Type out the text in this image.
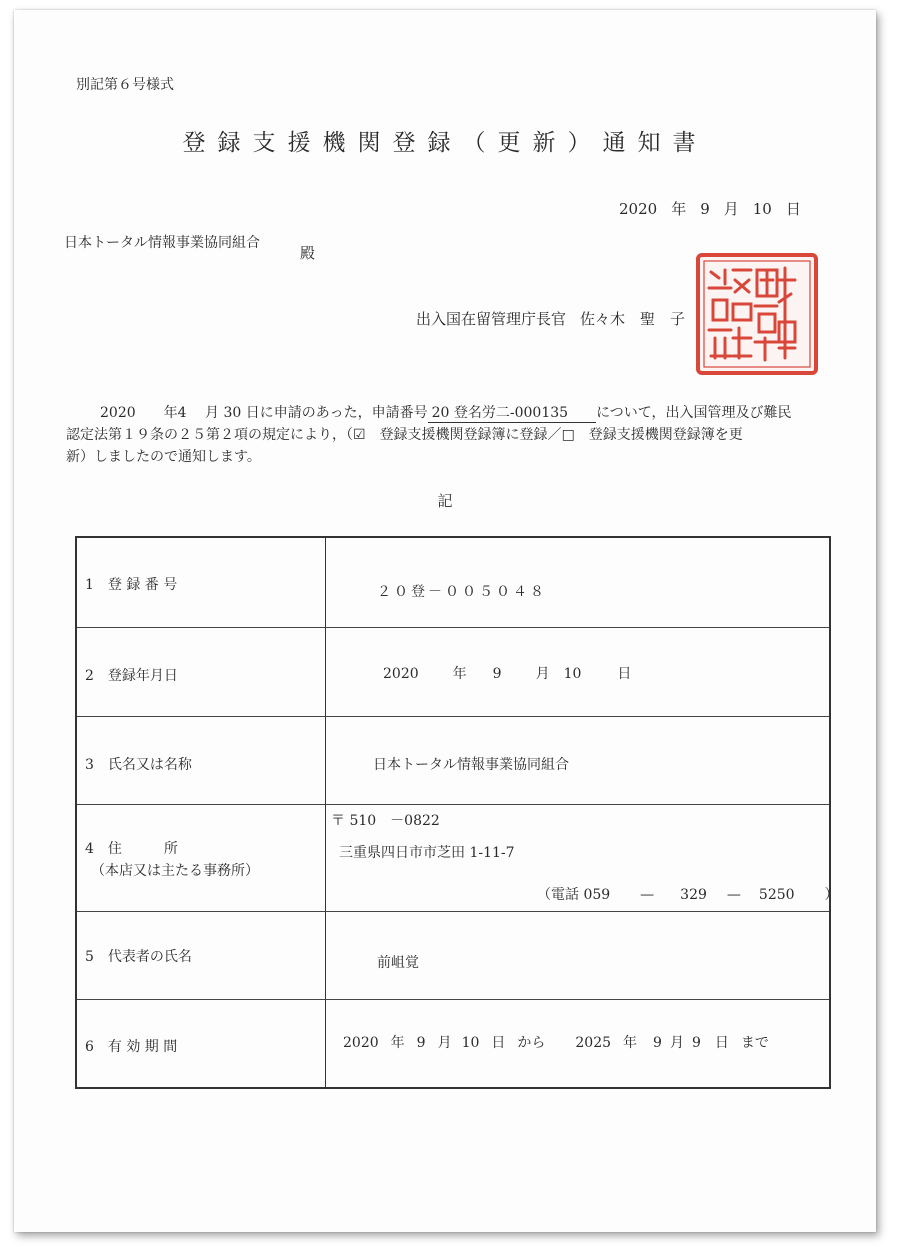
別記第６号様式
登録支援機関登録（更新）通知書
2020 年 9 月 10 日
日本トータル情報事業協同組合
殿
出入国在留管理庁長官 佐々木　聖　子
2020　　 年4　 月 30 日に申請のあった，申請番号 20 登名労二-000135 について，出入国管理及び難民
認定法第１９条の２５第２項の規定により，（☑　 登録支援機関登録簿に登録／□　 登録支援機関登録簿を更
新）しましたので通知します。
記
1　登 録 番 号	２０登－００５０４８
2　登録年月日	2020 年 9 月 10	日
3　氏名又は名称	日本トータル情報事業協同組合
4　住　　　所
（本店又は主たる事務所）
〒 510　－0822
三重県四日市市芝田 1-11-7
（電話 059 — 329 — 5250 ）
5　代表者の氏名	前岨覚
6　有 効 期 間	2020 年 9 月 10 日 から 2025 年 9 月 9 日 まで
